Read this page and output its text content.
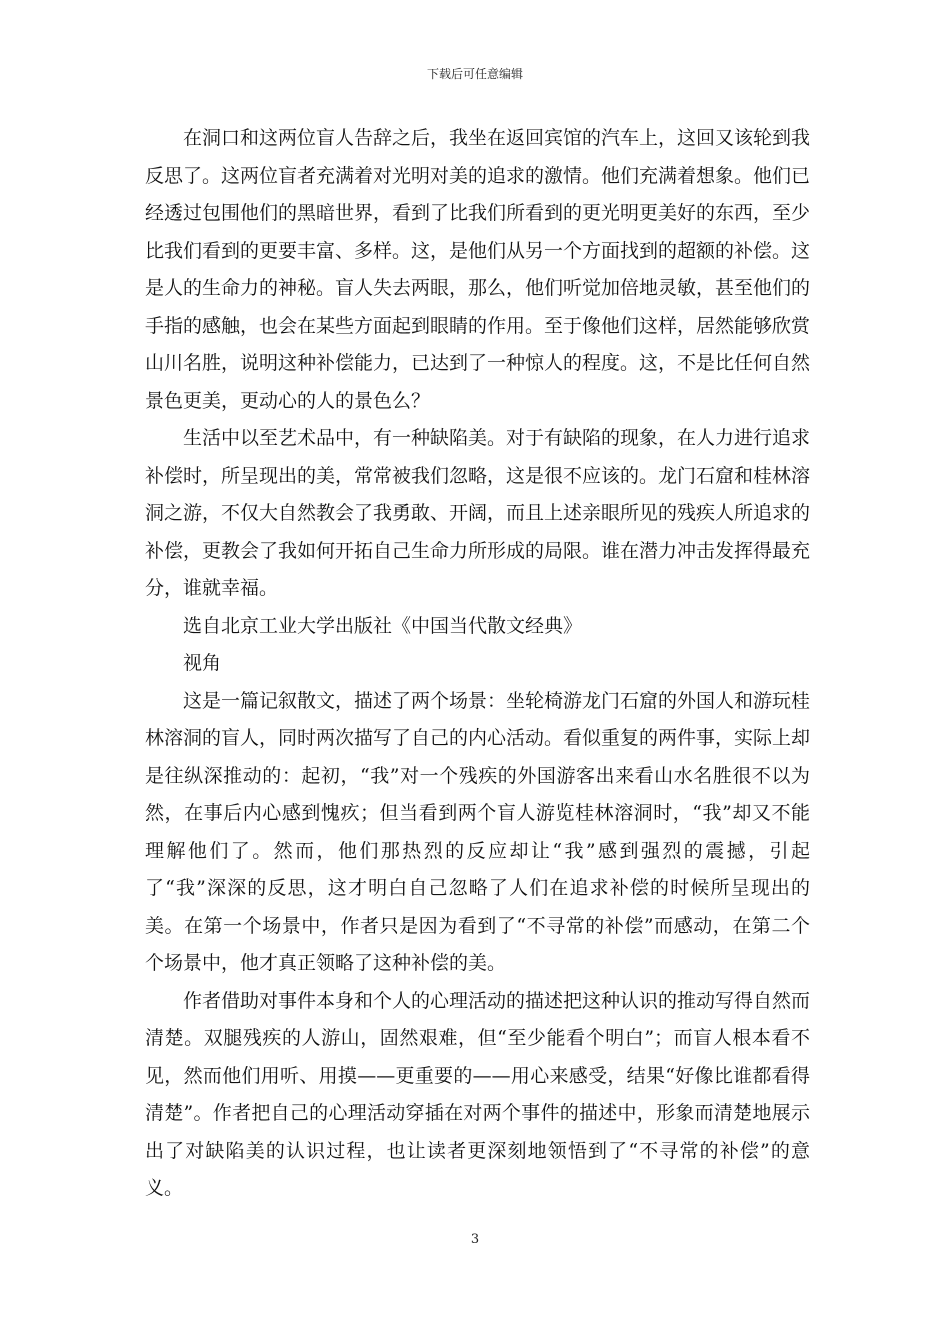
下载后可任意编辑

在洞口和这两位盲人告辞之后，我坐在返回宾馆的汽车上，这回又该轮到我反思了。这两位盲者充满着对光明对美的追求的激情。他们充满着想象。他们已经透过包围他们的黑暗世界，看到了比我们所看到的更光明更美好的东西，至少比我们看到的更要丰富、多样。这，是他们从另一个方面找到的超额的补偿。这是人的生命力的神秘。盲人失去两眼，那么，他们听觉加倍地灵敏，甚至他们的手指的感触，也会在某些方面起到眼睛的作用。至于像他们这样，居然能够欣赏山川名胜，说明这种补偿能力，已达到了一种惊人的程度。这，不是比任何自然景色更美，更动心的人的景色么？

生活中以至艺术品中，有一种缺陷美。对于有缺陷的现象，在人力进行追求补偿时，所呈现出的美，常常被我们忽略，这是很不应该的。龙门石窟和桂林溶洞之游，不仅大自然教会了我勇敢、开阔，而且上述亲眼所见的残疾人所追求的补偿，更教会了我如何开拓自己生命力所形成的局限。谁在潜力冲击发挥得最充分，谁就幸福。

选自北京工业大学出版社《中国当代散文经典》

视角

这是一篇记叙散文，描述了两个场景：坐轮椅游龙门石窟的外国人和游玩桂林溶洞的盲人，同时两次描写了自己的内心活动。看似重复的两件事，实际上却是往纵深推动的：起初，“我”对一个残疾的外国游客出来看山水名胜很不以为然，在事后内心感到愧疚；但当看到两个盲人游览桂林溶洞时，“我”却又不能理解他们了。然而，他们那热烈的反应却让“我”感到强烈的震撼，引起了“我”深深的反思，这才明白自己忽略了人们在追求补偿的时候所呈现出的美。在第一个场景中，作者只是因为看到了“不寻常的补偿”而感动，在第二个个场景中，他才真正领略了这种补偿的美。

作者借助对事件本身和个人的心理活动的描述把这种认识的推动写得自然而清楚。双腿残疾的人游山，固然艰难，但“至少能看个明白”；而盲人根本看不见，然而他们用听、用摸——更重要的——用心来感受，结果“好像比谁都看得清楚”。作者把自己的心理活动穿插在对两个事件的描述中，形象而清楚地展示出了对缺陷美的认识过程，也让读者更深刻地领悟到了“不寻常的补偿”的意义。

3
